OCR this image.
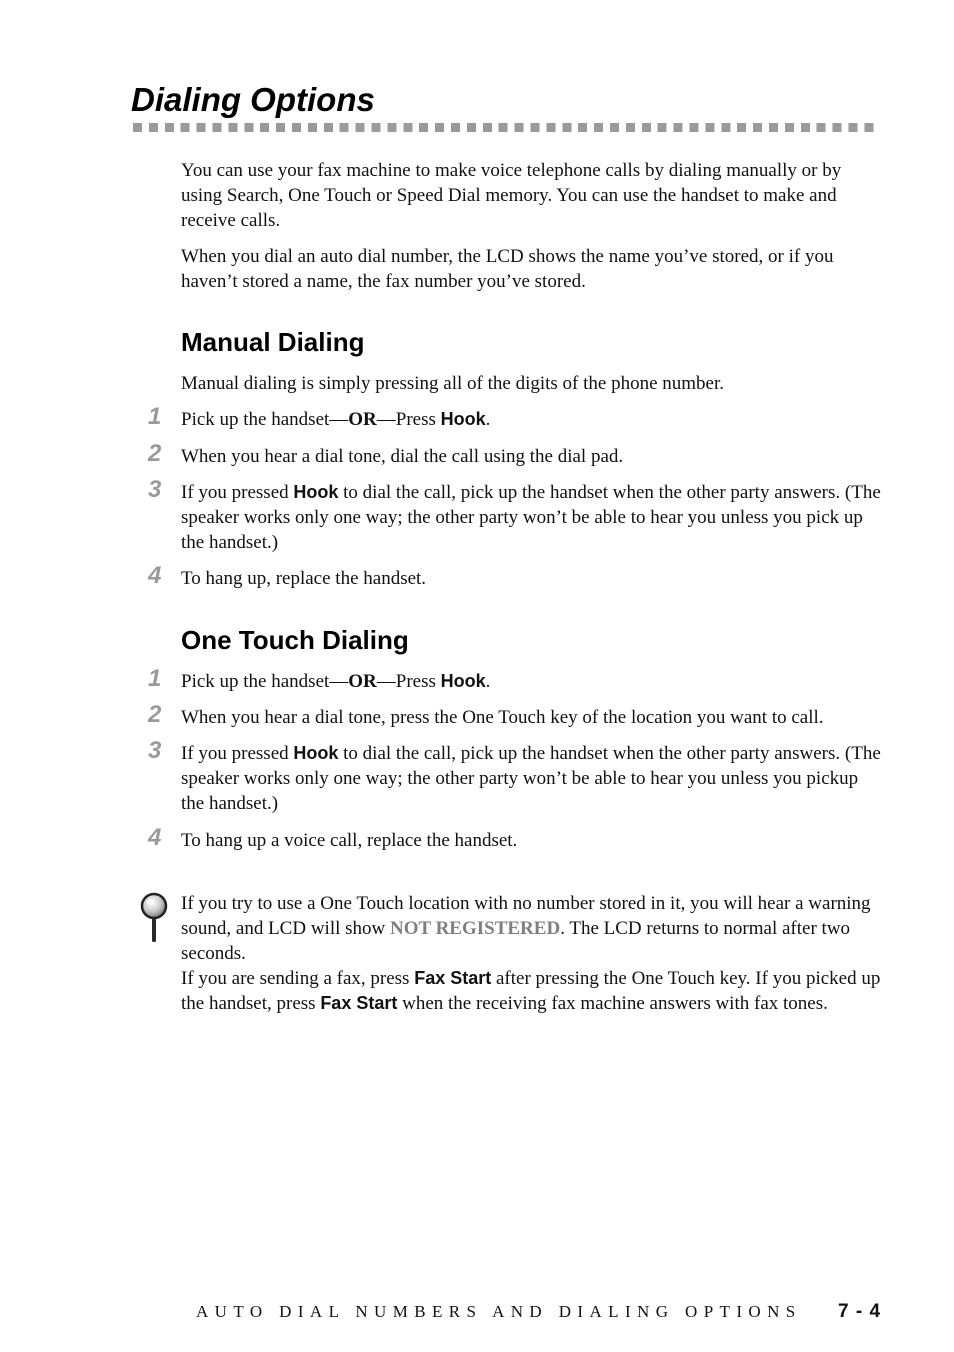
Dialing Options

You can use your fax machine to make voice telephone calls by dialing manually or by using Search, One Touch or Speed Dial memory. You can use the handset to make and receive calls.

When you dial an auto dial number, the LCD shows the name you’ve stored, or if you haven’t stored a name, the fax number you’ve stored.

Manual Dialing

Manual dialing is simply pressing all of the digits of the phone number.

1	Pick up the handset—OR—Press Hook.

2	When you hear a dial tone, dial the call using the dial pad.

3	If you pressed Hook to dial the call, pick up the handset when the other party answers. (The speaker works only one way; the other party won’t be able to hear you unless you pick up the handset.)

4	To hang up, replace the handset.

One Touch Dialing
1	Pick up the handset—OR—Press Hook.

2	When you hear a dial tone, press the One Touch key of the location you want to call.

3	If you pressed Hook to dial the call, pick up the handset when the other party answers. (The speaker works only one way; the other party won’t be able to hear you unless you pickup the handset.)

4	To hang up a voice call, replace the handset.

If you try to use a One Touch location with no number stored in it, you will hear a warning sound, and LCD will show NOT REGISTERED. The LCD returns to normal after two seconds.

If you are sending a fax, press Fax Start after pressing the One Touch key. If you picked up the handset, press Fax Start when the receiving fax machine answers with fax tones.

AUTO DIAL NUMBERS AND DIALING OPTIONS 7 - 4
